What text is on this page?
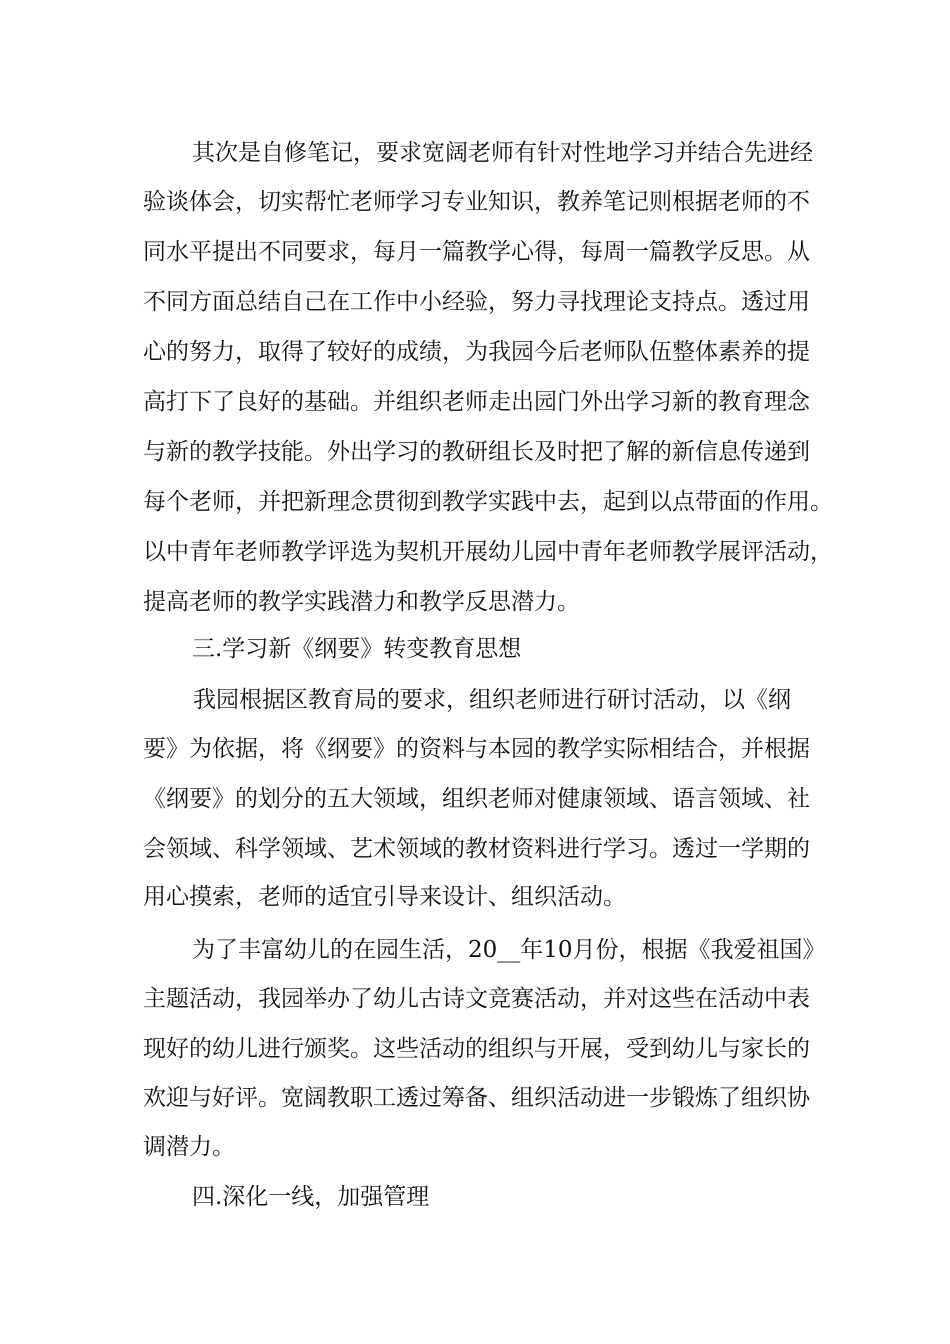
其次是自修笔记，要求宽阔老师有针对性地学习并结合先进经
验谈体会，切实帮忙老师学习专业知识，教养笔记则根据老师的不
同水平提出不同要求，每月一篇教学心得，每周一篇教学反思。从
不同方面总结自己在工作中小经验，努力寻找理论支持点。透过用
心的努力，取得了较好的成绩，为我园今后老师队伍整体素养的提
高打下了良好的基础。并组织老师走出园门外出学习新的教育理念
与新的教学技能。外出学习的教研组长及时把了解的新信息传递到
每个老师，并把新理念贯彻到教学实践中去，起到以点带面的作用。
以中青年老师教学评选为契机开展幼儿园中青年老师教学展评活动，
提高老师的教学实践潜力和教学反思潜力。
三.学习新《纲要》转变教育思想
我园根据区教育局的要求，组织老师进行研讨活动，以《纲
要》为依据，将《纲要》的资料与本园的教学实际相结合，并根据
《纲要》的划分的五大领域，组织老师对健康领域、语言领域、社
会领域、科学领域、艺术领域的教材资料进行学习。透过一学期的
用心摸索，老师的适宜引导来设计、组织活动。
为了丰富幼儿的在园生活，20__年10月份，根据《我爱祖国》
主题活动，我园举办了幼儿古诗文竞赛活动，并对这些在活动中表
现好的幼儿进行颁奖。这些活动的组织与开展，受到幼儿与家长的
欢迎与好评。宽阔教职工透过筹备、组织活动进一步锻炼了组织协
调潜力。
四.深化一线，加强管理
